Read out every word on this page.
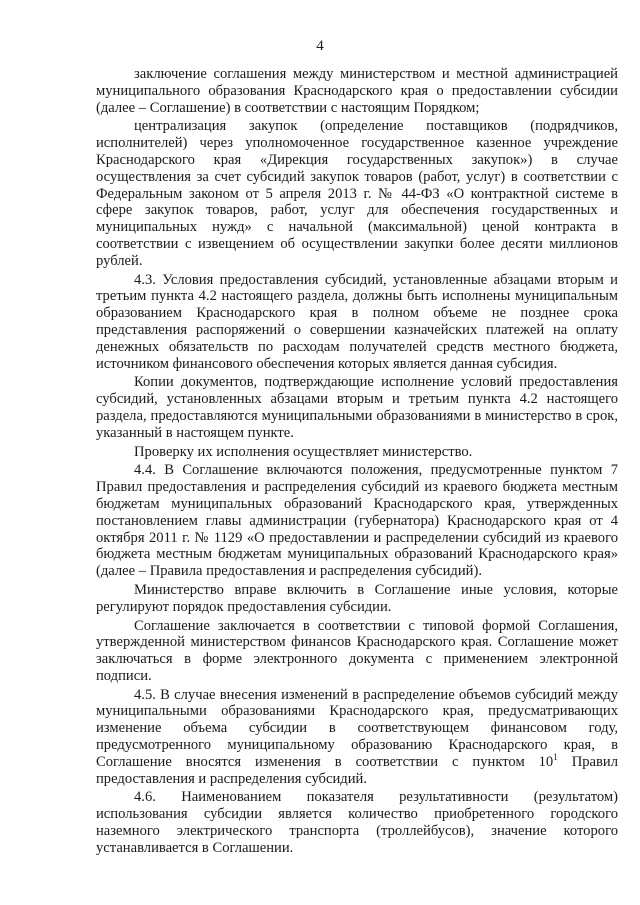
4

заключение соглашения между министерством и местной администрацией муниципального образования Краснодарского края о предоставлении субсидии (далее – Соглашение) в соответствии с настоящим Порядком;

централизация закупок (определение поставщиков (подрядчиков, исполнителей) через уполномоченное государственное казенное учреждение Краснодарского края «Дирекция государственных закупок») в случае осуществления за счет субсидий закупок товаров (работ, услуг) в соответствии с Федеральным законом от 5 апреля 2013 г. № 44-ФЗ «О контрактной системе в сфере закупок товаров, работ, услуг для обеспечения государственных и муниципальных нужд» с начальной (максимальной) ценой контракта в соответствии с извещением об осуществлении закупки более десяти миллионов рублей.

4.3. Условия предоставления субсидий, установленные абзацами вторым и третьим пункта 4.2 настоящего раздела, должны быть исполнены муниципальным образованием Краснодарского края в полном объеме не позднее срока представления распоряжений о совершении казначейских платежей на оплату денежных обязательств по расходам получателей средств местного бюджета, источником финансового обеспечения которых является данная субсидия.

Копии документов, подтверждающие исполнение условий предоставления субсидий, установленных абзацами вторым и третьим пункта 4.2 настоящего раздела, предоставляются муниципальными образованиями в министерство в срок, указанный в настоящем пункте.

Проверку их исполнения осуществляет министерство.

4.4. В Соглашение включаются положения, предусмотренные пунктом 7 Правил предоставления и распределения субсидий из краевого бюджета местным бюджетам муниципальных образований Краснодарского края, утвержденных постановлением главы администрации (губернатора) Краснодарского края от 4 октября 2011 г. № 1129 «О предоставлении и распределении субсидий из краевого бюджета местным бюджетам муниципальных образований Краснодарского края» (далее – Правила предоставления и распределения субсидий).

Министерство вправе включить в Соглашение иные условия, которые регулируют порядок предоставления субсидии.

Соглашение заключается в соответствии с типовой формой Соглашения, утвержденной министерством финансов Краснодарского края. Соглашение может заключаться в форме электронного документа с применением электронной подписи.

4.5. В случае внесения изменений в распределение объемов субсидий между муниципальными образованиями Краснодарского края, предусматривающих изменение объема субсидии в соответствующем финансовом году, предусмотренного муниципальному образованию Краснодарского края, в Соглашение вносятся изменения в соответствии с пунктом $10^1$ Правил предоставления и распределения субсидий.

4.6. Наименованием показателя результативности (результатом) использования субсидии является количество приобретенного городского наземного электрического транспорта (троллейбусов), значение которого устанавливается в Соглашении.
